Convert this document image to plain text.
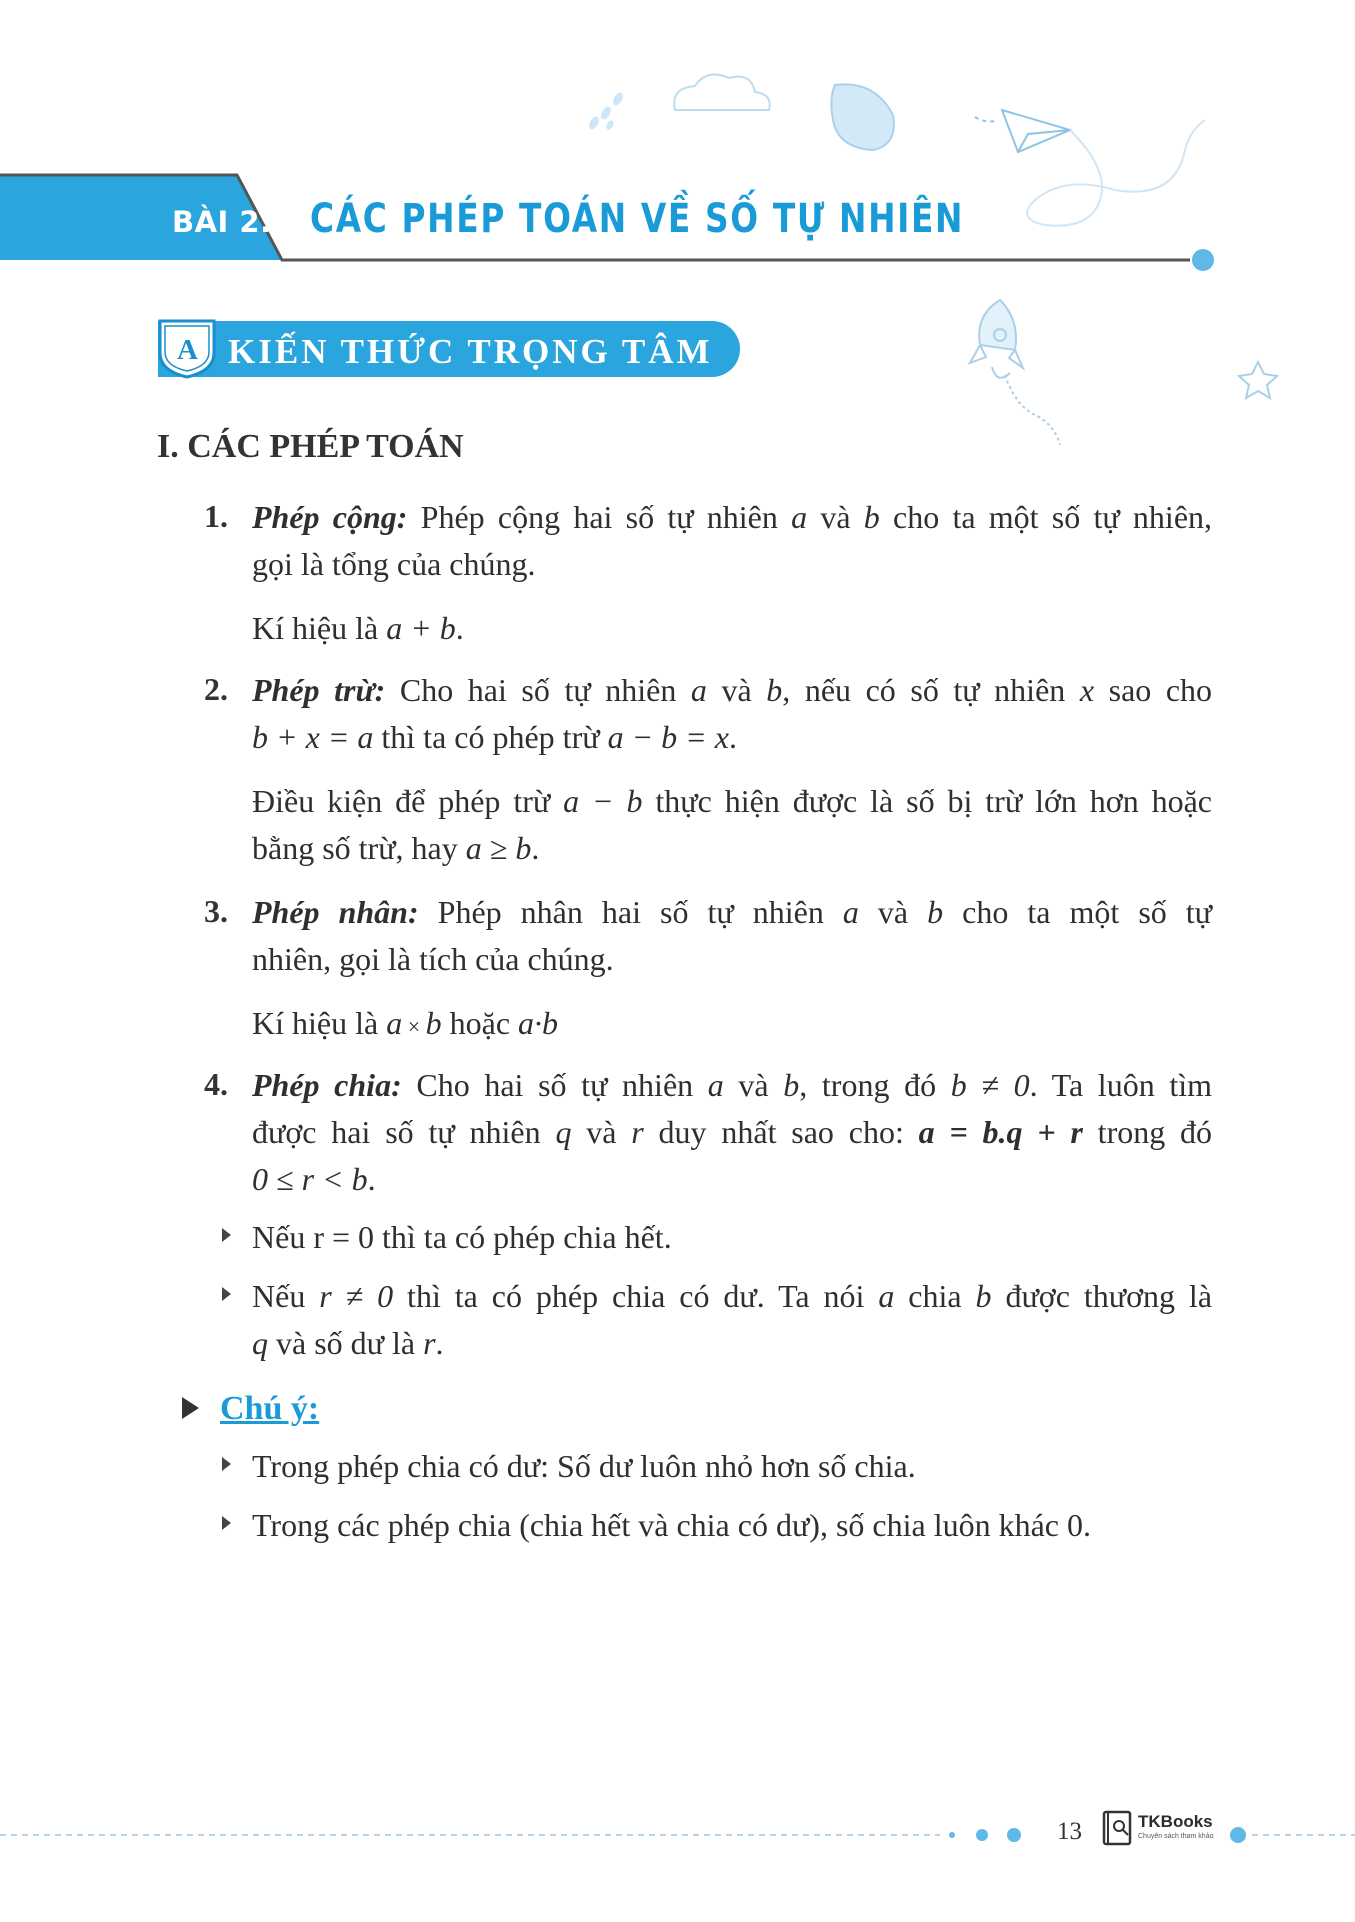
BÀI 2. CÁC PHÉP TOÁN VỀ SỐ TỰ NHIÊN
A KIẾN THỨC TRỌNG TÂM
I. CÁC PHÉP TOÁN
1. Phép cộng: Phép cộng hai số tự nhiên a và b cho ta một số tự nhiên,
gọi là tổng của chúng.
Kí hiệu là a + b.
2. Phép trừ: Cho hai số tự nhiên a và b, nếu có số tự nhiên x sao cho
b + x = a thì ta có phép trừ a − b = x.
Điều kiện để phép trừ a − b thực hiện được là số bị trừ lớn hơn hoặc
bằng số trừ, hay a ≥ b.
3. Phép nhân: Phép nhân hai số tự nhiên a và b cho ta một số tự
nhiên, gọi là tích của chúng.
Kí hiệu là a × b hoặc a·b
4. Phép chia: Cho hai số tự nhiên a và b, trong đó b ≠ 0. Ta luôn tìm
được hai số tự nhiên q và r duy nhất sao cho: a = b.q + r trong đó
0 ≤ r < b.
Nếu r = 0 thì ta có phép chia hết.
Nếu r ≠ 0 thì ta có phép chia có dư. Ta nói a chia b được thương là
q và số dư là r.
Chú ý:
Trong phép chia có dư: Số dư luôn nhỏ hơn số chia.
Trong các phép chia (chia hết và chia có dư), số chia luôn khác 0.
13	TKBooks
Chuyên sách tham khảo
